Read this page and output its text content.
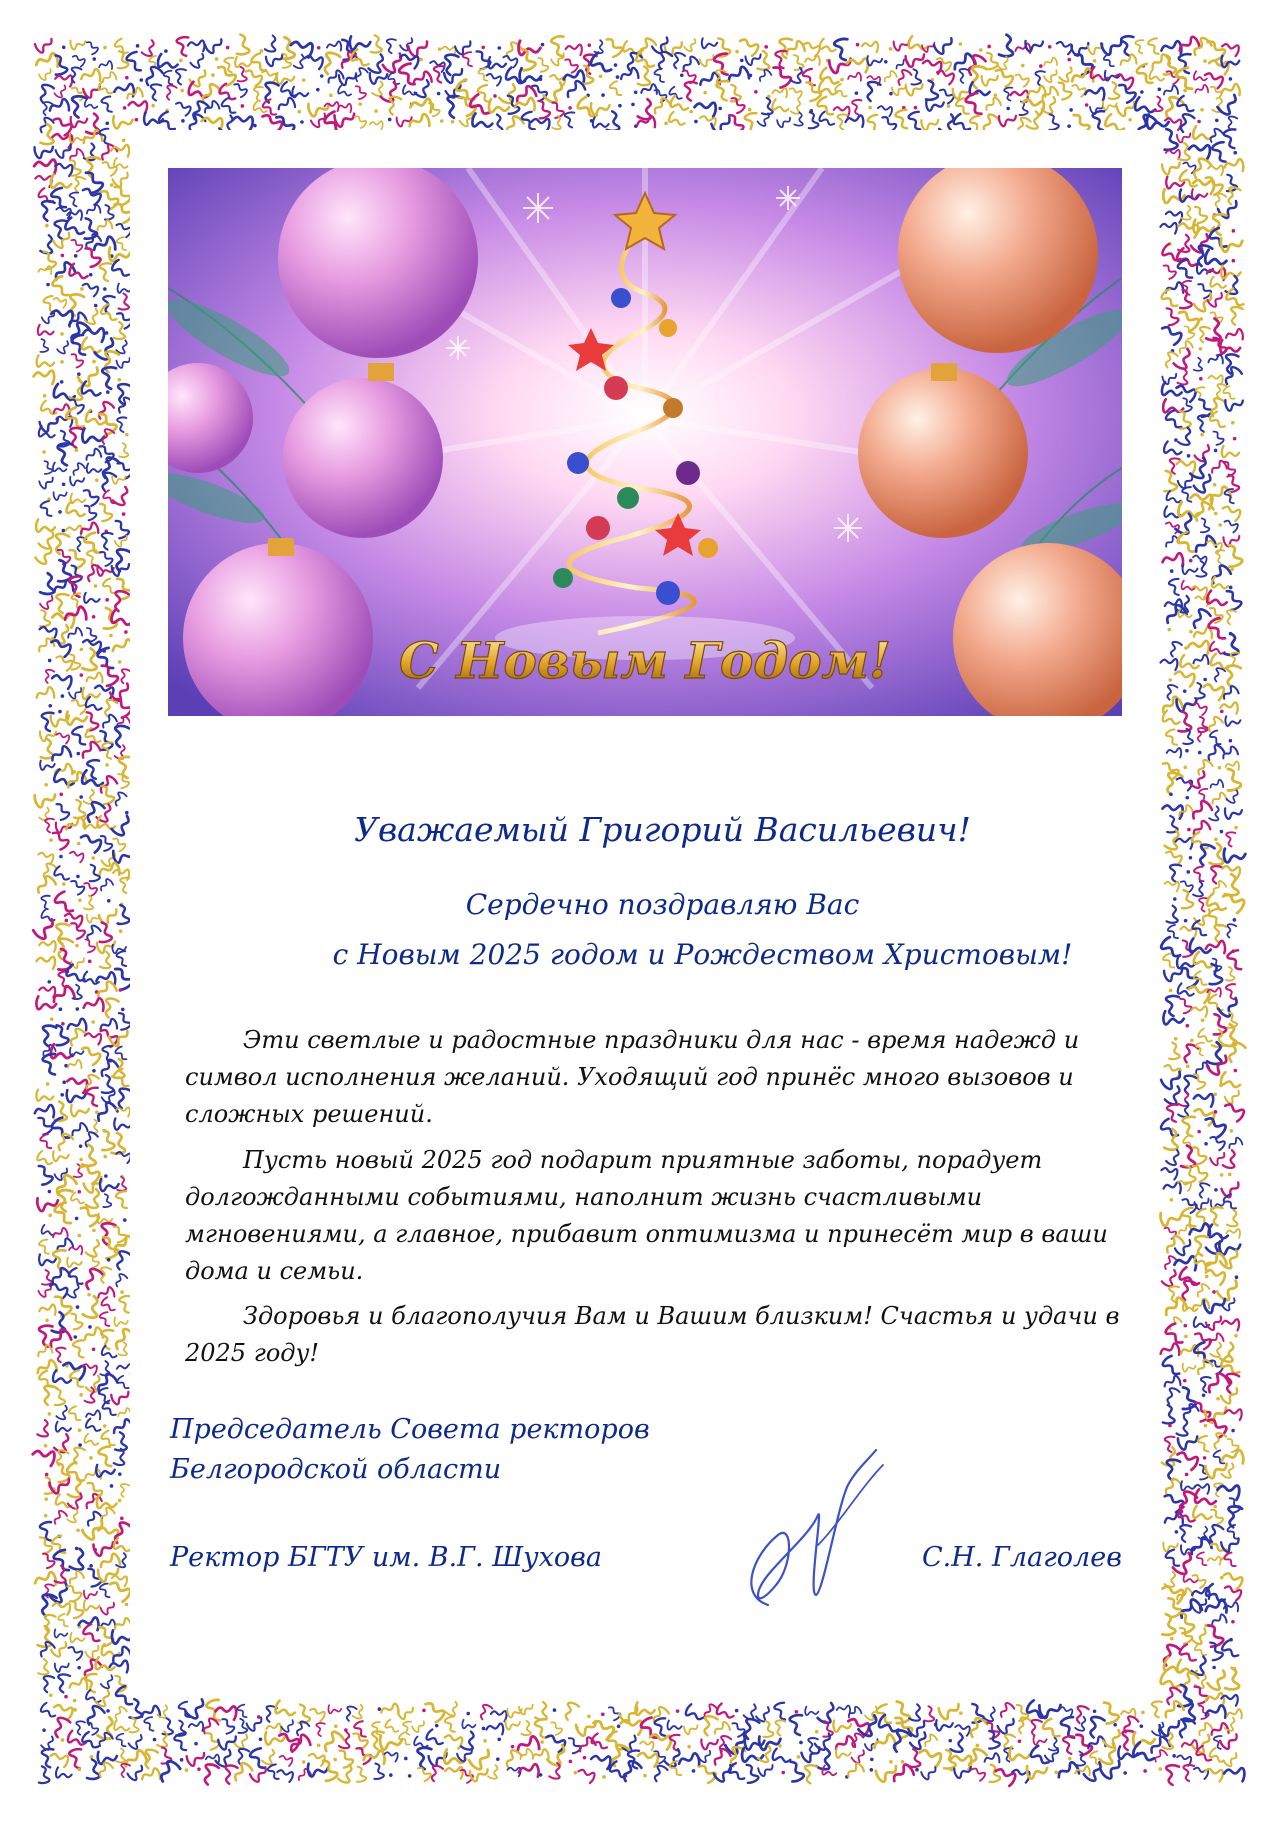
С Новым Годом!
Уважаемый Григорий Васильевич!
Сердечно поздравляю Вас
с Новым 2025 годом и Рождеством Христовым!
Эти светлые и радостные праздники для нас - время надежд и символ исполнения желаний. Уходящий год принёс много вызовов и сложных решений.
Пусть новый 2025 год подарит приятные заботы, порадует долгожданными событиями, наполнит жизнь счастливыми мгновениями, а главное, прибавит оптимизма и принесёт мир в ваши дома и семьи.
Здоровья и благополучия Вам и Вашим близким! Счастья и удачи в 2025 году!
Председатель Совета ректоров
Белгородской области
Ректор БГТУ им. В.Г. Шухова	С.Н. Глаголев
